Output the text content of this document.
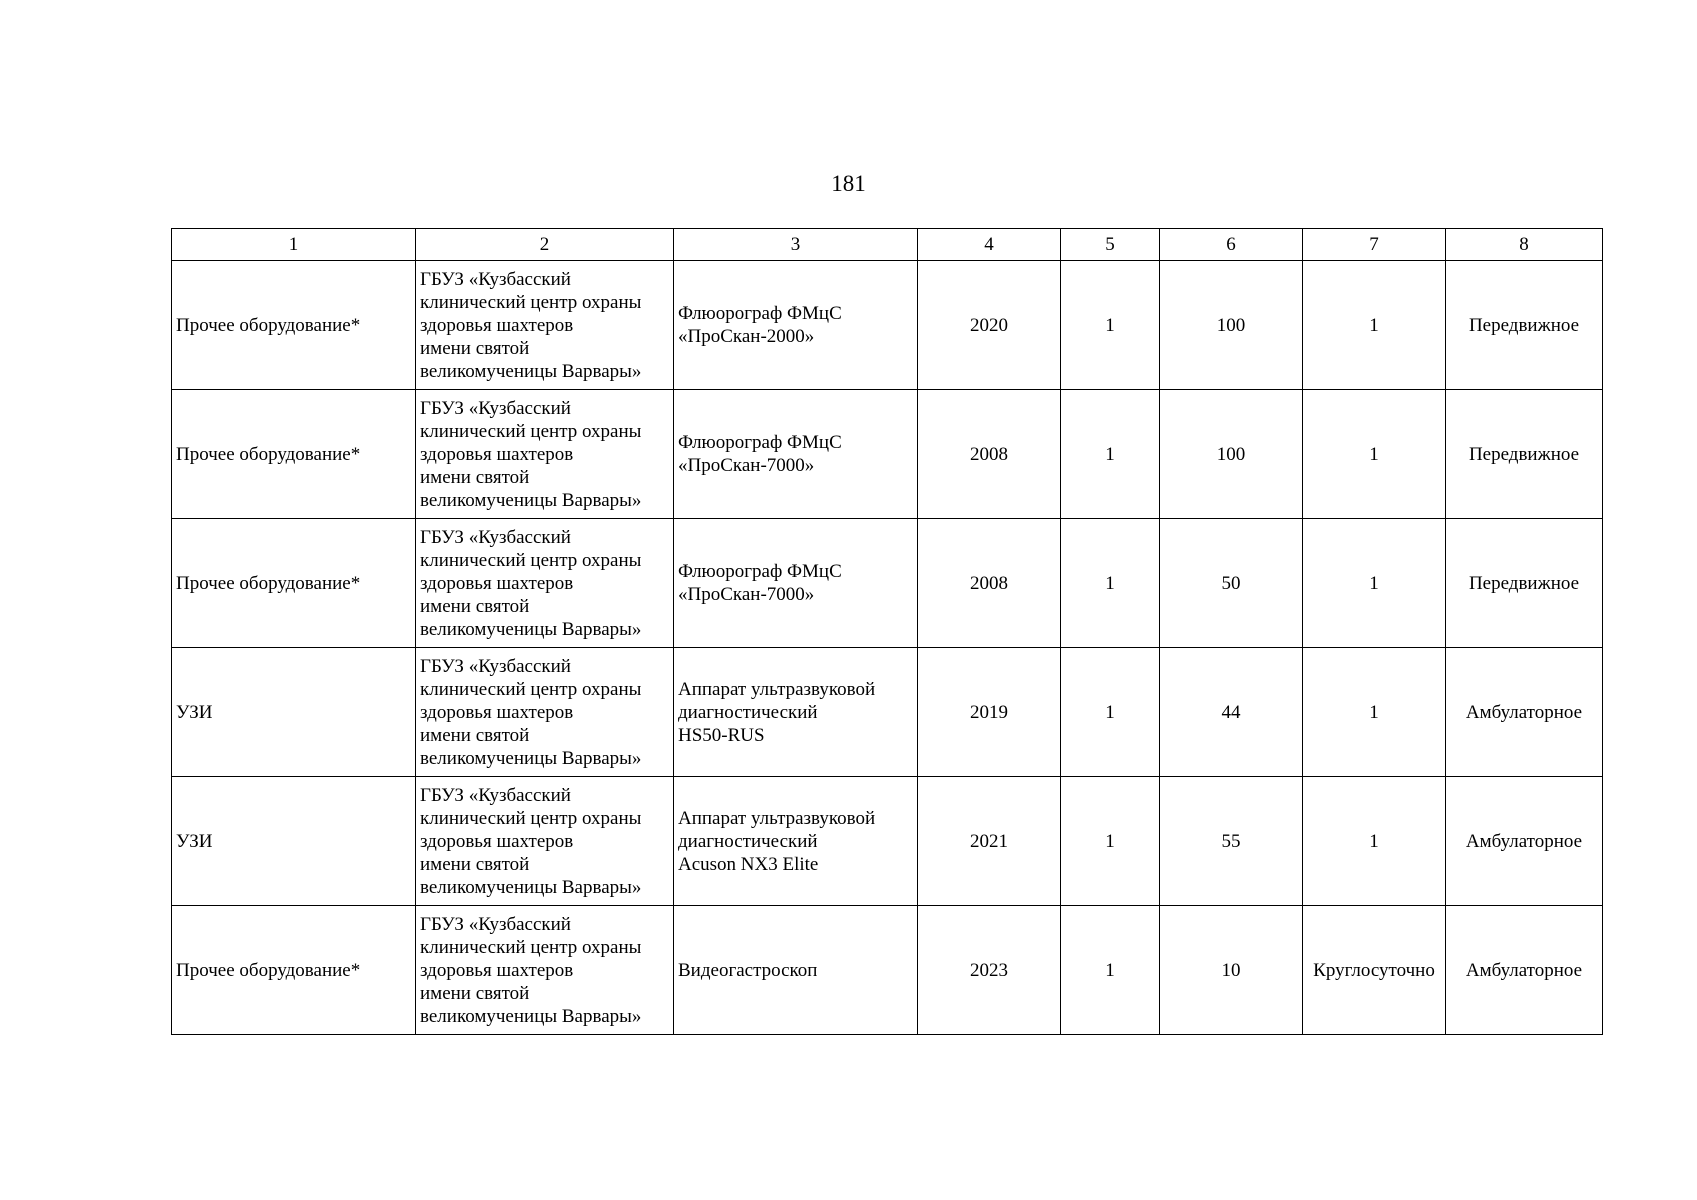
181
1	2	3	4	5	6	7	8
Прочее оборудование*	ГБУЗ «Кузбасский
клинический центр охраны
здоровья шахтеров
имени святой
великомученицы Варвары»	Флюорограф ФМцС
«ПроСкан-2000»	2020	1	100	1	Передвижное
Прочее оборудование*	ГБУЗ «Кузбасский
клинический центр охраны
здоровья шахтеров
имени святой
великомученицы Варвары»	Флюорограф ФМцС
«ПроСкан-7000»	2008	1	100	1	Передвижное
Прочее оборудование*	ГБУЗ «Кузбасский
клинический центр охраны
здоровья шахтеров
имени святой
великомученицы Варвары»	Флюорограф ФМцС
«ПроСкан-7000»	2008	1	50	1	Передвижное
УЗИ	ГБУЗ «Кузбасский
клинический центр охраны
здоровья шахтеров
имени святой
великомученицы Варвары»	Аппарат ультразвуковой
диагностический
HS50-RUS	2019	1	44	1	Амбулаторное
УЗИ	ГБУЗ «Кузбасский
клинический центр охраны
здоровья шахтеров
имени святой
великомученицы Варвары»	Аппарат ультразвуковой
диагностический
Acuson NX3 Elite	2021	1	55	1	Амбулаторное
Прочее оборудование*	ГБУЗ «Кузбасский
клинический центр охраны
здоровья шахтеров
имени святой
великомученицы Варвары»	Видеогастроскоп	2023	1	10	Круглосуточно	Амбулаторное
